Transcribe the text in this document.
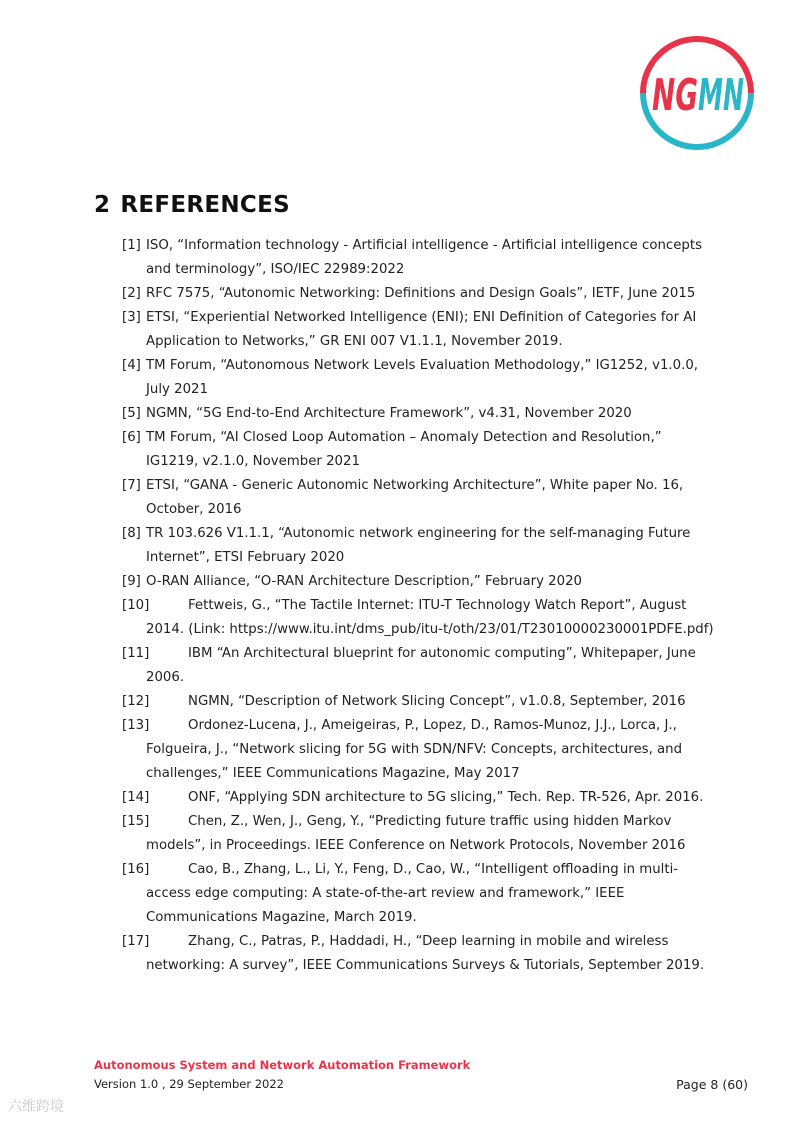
NG MN
2 REFERENCES
[1] ISO, “Information technology - Artificial intelligence - Artificial intelligence concepts and terminology”, ISO/IEC 22989:2022
[2] RFC 7575, “Autonomic Networking: Definitions and Design Goals”, IETF, June 2015
[3] ETSI, “Experiential Networked Intelligence (ENI); ENI Definition of Categories for AI Application to Networks,” GR ENI 007 V1.1.1, November 2019.
[4] TM Forum, “Autonomous Network Levels Evaluation Methodology,” IG1252, v1.0.0, July 2021
[5] NGMN, “5G End-to-End Architecture Framework”, v4.31, November 2020
[6] TM Forum, “AI Closed Loop Automation – Anomaly Detection and Resolution,” IG1219, v2.1.0, November 2021
[7] ETSI, “GANA - Generic Autonomic Networking Architecture”, White paper No. 16, October, 2016
[8] TR 103.626 V1.1.1, “Autonomic network engineering for the self-managing Future Internet”, ETSI February 2020
[9] O-RAN Alliance, “O-RAN Architecture Description,” February 2020
[10]	Fettweis, G., “The Tactile Internet: ITU-T Technology Watch Report”, August 2014. (Link: https://www.itu.int/dms_pub/itu-t/oth/23/01/T23010000230001PDFE.pdf)
[11]	IBM “An Architectural blueprint for autonomic computing”, Whitepaper, June 2006.
[12]	NGMN, “Description of Network Slicing Concept”, v1.0.8, September, 2016
[13]	Ordonez-Lucena, J., Ameigeiras, P., Lopez, D., Ramos-Munoz, J.J., Lorca, J., Folgueira, J., “Network slicing for 5G with SDN/NFV: Concepts, architectures, and challenges,” IEEE Communications Magazine, May 2017
[14]	ONF, “Applying SDN architecture to 5G slicing,” Tech. Rep. TR-526, Apr. 2016.
[15]	Chen, Z., Wen, J., Geng, Y., “Predicting future traffic using hidden Markov models”, in Proceedings. IEEE Conference on Network Protocols, November 2016
[16]	Cao, B., Zhang, L., Li, Y., Feng, D., Cao, W., “Intelligent offloading in multi-access edge computing: A state-of-the-art review and framework,” IEEE Communications Magazine, March 2019.
[17]	Zhang, C., Patras, P., Haddadi, H., “Deep learning in mobile and wireless networking: A survey”, IEEE Communications Surveys & Tutorials, September 2019.
Autonomous System and Network Automation Framework
Version 1.0 , 29 September 2022	Page 8 (60)
六维跨境
